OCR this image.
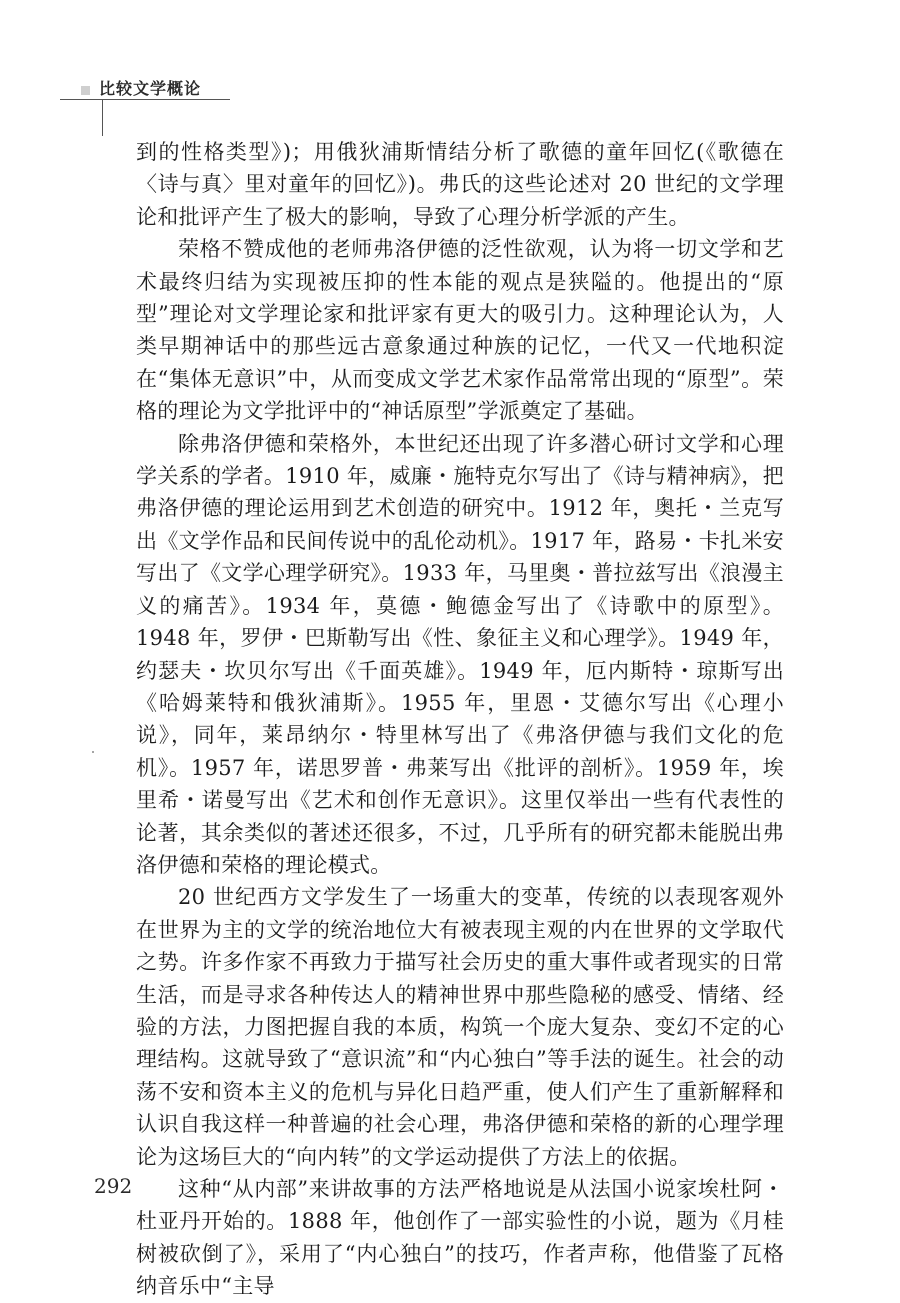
比较文学概论

到的性格类型》)；用俄狄浦斯情结分析了歌德的童年回忆(《歌德在〈诗与真〉里对童年的回忆》)。弗氏的这些论述对 20 世纪的文学理论和批评产生了极大的影响，导致了心理分析学派的产生。

荣格不赞成他的老师弗洛伊德的泛性欲观，认为将一切文学和艺术最终归结为实现被压抑的性本能的观点是狭隘的。他提出的“原型”理论对文学理论家和批评家有更大的吸引力。这种理论认为，人类早期神话中的那些远古意象通过种族的记忆，一代又一代地积淀在“集体无意识”中，从而变成文学艺术家作品常常出现的“原型”。荣格的理论为文学批评中的“神话原型”学派奠定了基础。

除弗洛伊德和荣格外，本世纪还出现了许多潜心研讨文学和心理学关系的学者。1910 年，威廉・施特克尔写出了《诗与精神病》，把弗洛伊德的理论运用到艺术创造的研究中。1912 年，奥托・兰克写出《文学作品和民间传说中的乱伦动机》。1917 年，路易・卡扎米安写出了《文学心理学研究》。1933 年，马里奥・普拉兹写出《浪漫主义的痛苦》。1934 年，莫德・鲍德金写出了《诗歌中的原型》。1948 年，罗伊・巴斯勒写出《性、象征主义和心理学》。1949 年，约瑟夫・坎贝尔写出《千面英雄》。1949 年，厄内斯特・琼斯写出《哈姆莱特和俄狄浦斯》。1955 年，里恩・艾德尔写出《心理小说》，同年，莱昂纳尔・特里林写出了《弗洛伊德与我们文化的危机》。1957 年，诺思罗普・弗莱写出《批评的剖析》。1959 年，埃里希・诺曼写出《艺术和创作无意识》。这里仅举出一些有代表性的论著，其余类似的著述还很多，不过，几乎所有的研究都未能脱出弗洛伊德和荣格的理论模式。

20 世纪西方文学发生了一场重大的变革，传统的以表现客观外在世界为主的文学的统治地位大有被表现主观的内在世界的文学取代之势。许多作家不再致力于描写社会历史的重大事件或者现实的日常生活，而是寻求各种传达人的精神世界中那些隐秘的感受、情绪、经验的方法，力图把握自我的本质，构筑一个庞大复杂、变幻不定的心理结构。这就导致了“意识流”和“内心独白”等手法的诞生。社会的动荡不安和资本主义的危机与异化日趋严重，使人们产生了重新解释和认识自我这样一种普遍的社会心理，弗洛伊德和荣格的新的心理学理论为这场巨大的“向内转”的文学运动提供了方法上的依据。

这种“从内部”来讲故事的方法严格地说是从法国小说家埃杜阿・杜亚丹开始的。1888 年，他创作了一部实验性的小说，题为《月桂树被砍倒了》，采用了“内心独白”的技巧，作者声称，他借鉴了瓦格纳音乐中“主导

292
